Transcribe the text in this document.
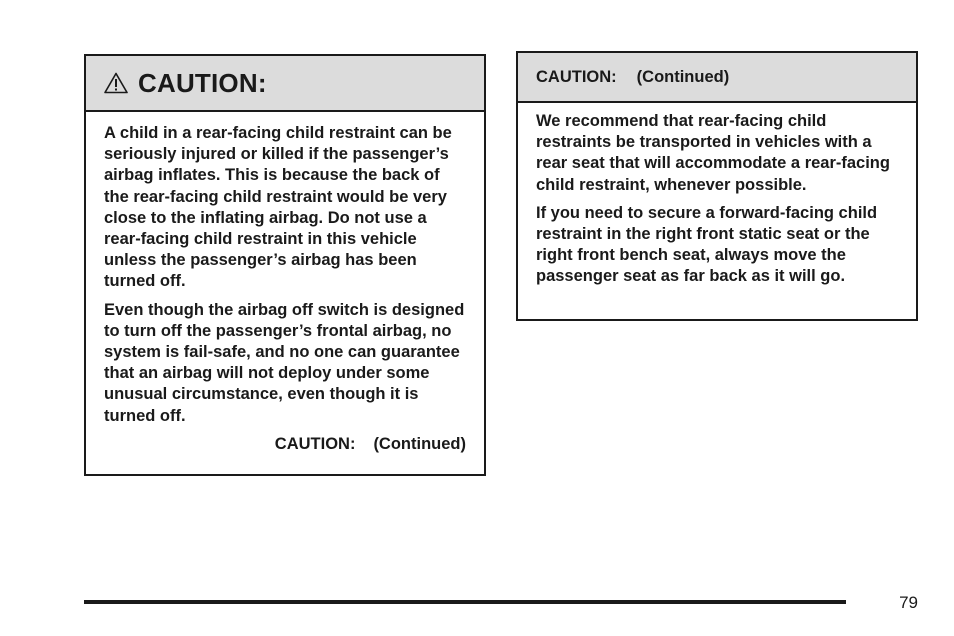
CAUTION:

A child in a rear-facing child restraint can be seriously injured or killed if the passenger’s airbag inflates. This is because the back of the rear-facing child restraint would be very close to the inflating airbag. Do not use a rear-facing child restraint in this vehicle unless the passenger’s airbag has been turned off.

Even though the airbag off switch is designed to turn off the passenger’s frontal airbag, no system is fail-safe, and no one can guarantee that an airbag will not deploy under some unusual circumstance, even though it is turned off.

CAUTION: (Continued)
CAUTION: (Continued)

We recommend that rear-facing child restraints be transported in vehicles with a rear seat that will accommodate a rear-facing child restraint, whenever possible.

If you need to secure a forward-facing child restraint in the right front static seat or the right front bench seat, always move the passenger seat as far back as it will go.

79
